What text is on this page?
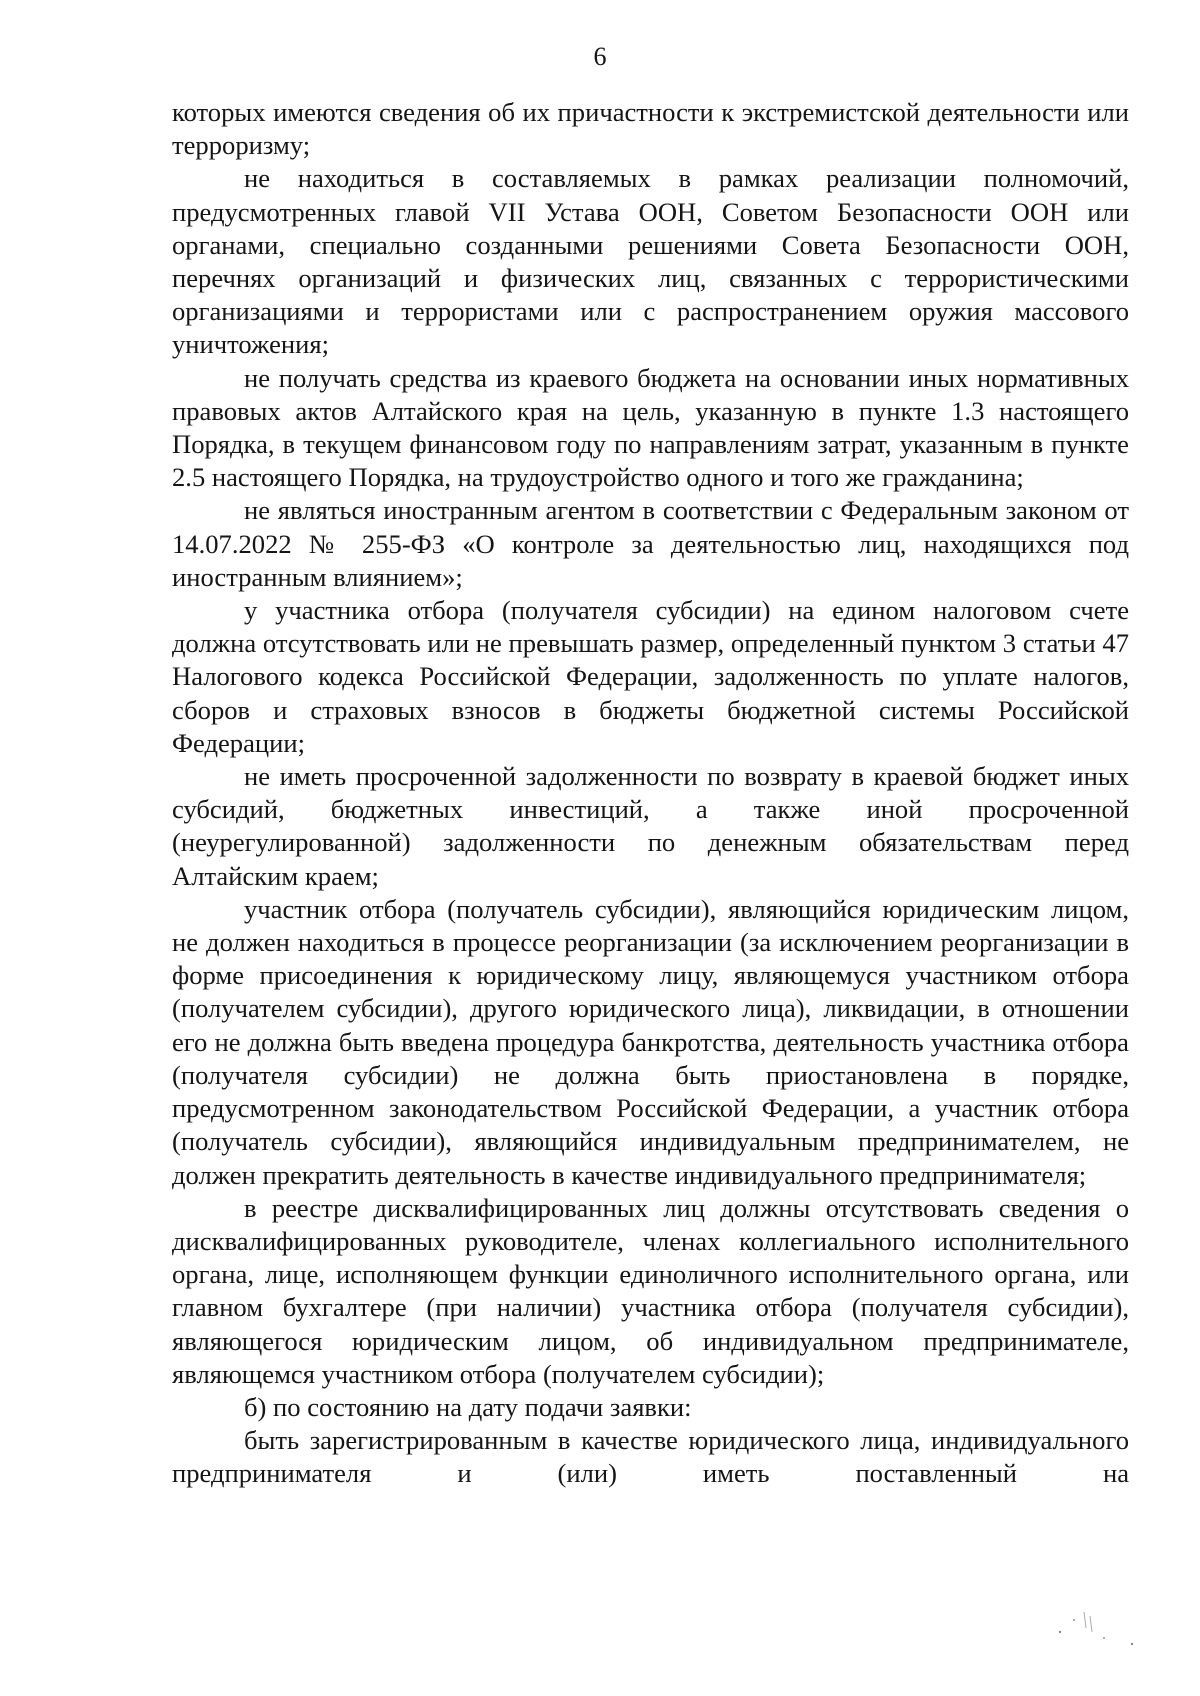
6

которых имеются сведения об их причастности к экстремистской деятельности или терроризму;

не находиться в составляемых в рамках реализации полномочий, предусмотренных главой VII Устава ООН, Советом Безопасности ООН или органами, специально созданными решениями Совета Безопасности ООН, перечнях организаций и физических лиц, связанных с террористическими организациями и террористами или с распространением оружия массового уничтожения;

не получать средства из краевого бюджета на основании иных нормативных правовых актов Алтайского края на цель, указанную в пункте 1.3 настоящего Порядка, в текущем финансовом году по направлениям затрат, указанным в пункте 2.5 настоящего Порядка, на трудоустройство одного и того же гражданина;

не являться иностранным агентом в соответствии с Федеральным законом от 14.07.2022 № 255-ФЗ «О контроле за деятельностью лиц, находящихся под иностранным влиянием»;

у участника отбора (получателя субсидии) на едином налоговом счете должна отсутствовать или не превышать размер, определенный пунктом 3 статьи 47 Налогового кодекса Российской Федерации, задолженность по уплате налогов, сборов и страховых взносов в бюджеты бюджетной системы Российской Федерации;

не иметь просроченной задолженности по возврату в краевой бюджет иных субсидий, бюджетных инвестиций, а также иной просроченной (неурегулированной) задолженности по денежным обязательствам перед Алтайским краем;

участник отбора (получатель субсидии), являющийся юридическим лицом, не должен находиться в процессе реорганизации (за исключением реорганизации в форме присоединения к юридическому лицу, являющемуся участником отбора (получателем субсидии), другого юридического лица), ликвидации, в отношении его не должна быть введена процедура банкротства, деятельность участника отбора (получателя субсидии) не должна быть приостановлена в порядке, предусмотренном законодательством Российской Федерации, а участник отбора (получатель субсидии), являющийся индивидуальным предпринимателем, не должен прекратить деятельность в качестве индивидуального предпринимателя;

в реестре дисквалифицированных лиц должны отсутствовать сведения о дисквалифицированных руководителе, членах коллегиального исполнительного органа, лице, исполняющем функции единоличного исполнительного органа, или главном бухгалтере (при наличии) участника отбора (получателя субсидии), являющегося юридическим лицом, об индивидуальном предпринимателе, являющемся участником отбора (получателем субсидии);

б) по состоянию на дату подачи заявки:

быть зарегистрированным в качестве юридического лица, индивидуального предпринимателя и (или) иметь поставленный на
